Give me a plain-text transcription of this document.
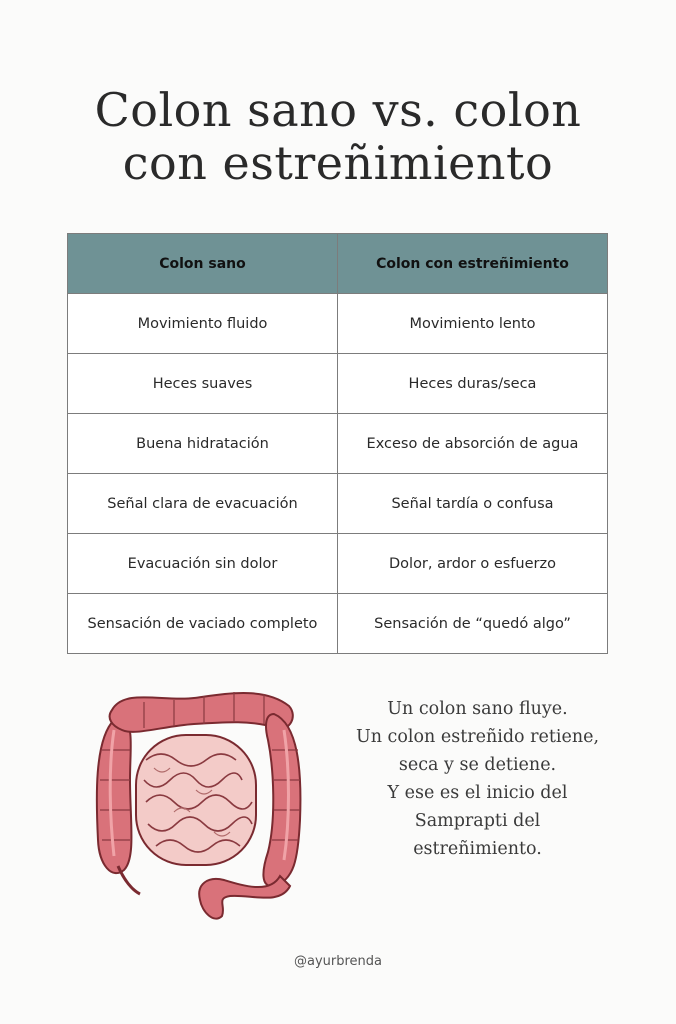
Colon sano vs. colon
con estreñimiento
Colon sano	Colon con estreñimiento
Movimiento fluido	Movimiento lento
Heces suaves	Heces duras/seca
Buena hidratación	Exceso de absorción de agua
Señal clara de evacuación	Señal tardía o confusa
Evacuación sin dolor	Dolor, ardor o esfuerzo
Sensación de vaciado completo	Sensación de “quedó algo”
Un colon sano fluye.
Un colon estreñido retiene,
seca y se detiene.
Y ese es el inicio del
Samprapti del
estreñimiento.
@ayurbrenda
